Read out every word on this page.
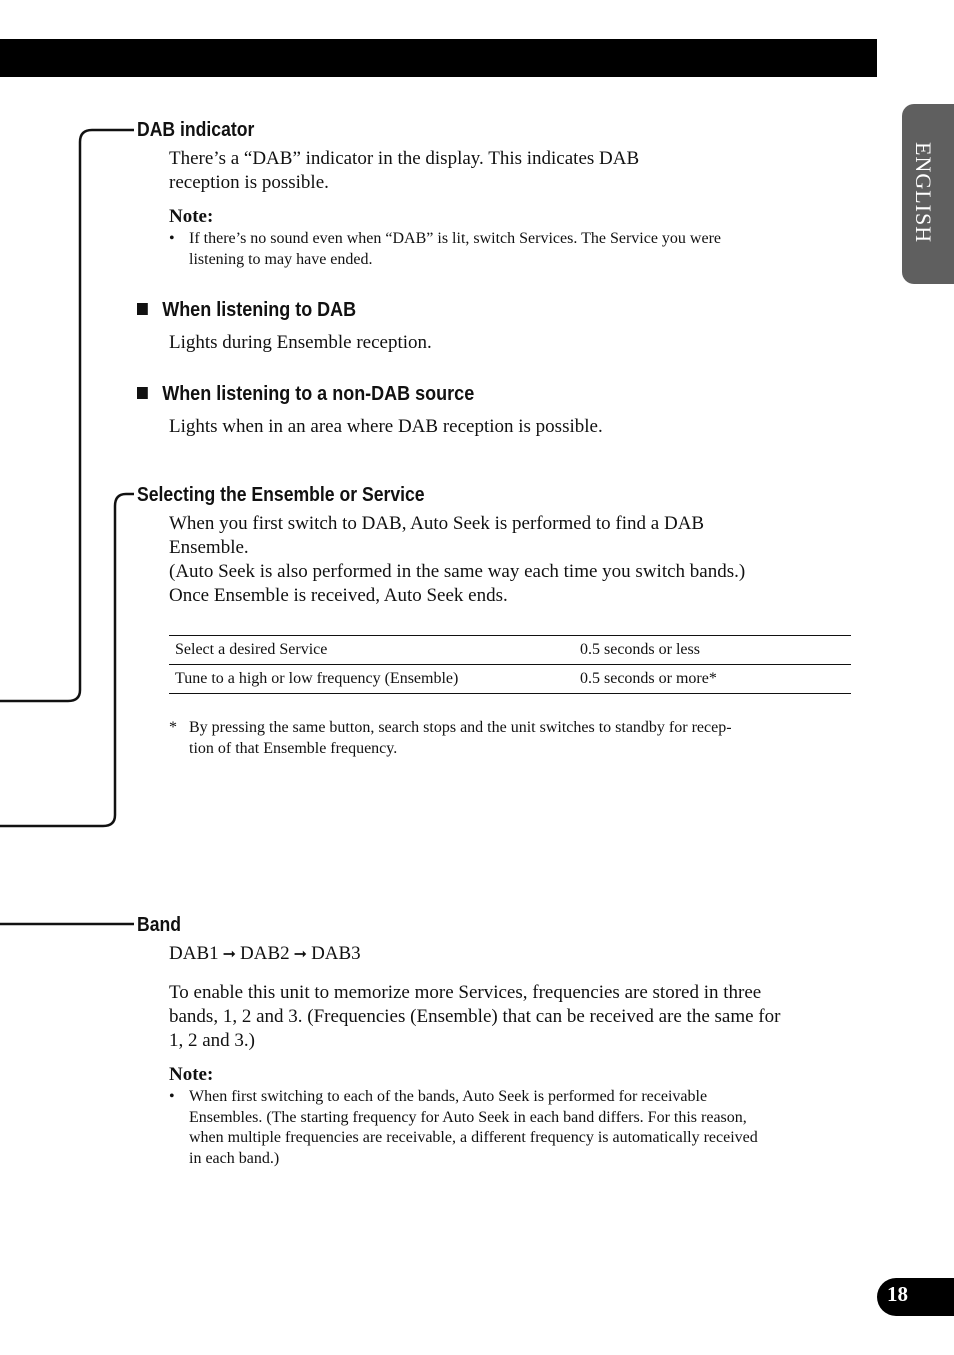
ENGLISH
DAB indicator
There’s a “DAB” indicator in the display. This indicates DAB
reception is possible.
Note:
• If there’s no sound even when “DAB” is lit, switch Services. The Service you were
listening to may have ended.
When listening to DAB
Lights during Ensemble reception.
When listening to a non-DAB source
Lights when in an area where DAB reception is possible.
Selecting the Ensemble or Service
When you first switch to DAB, Auto Seek is performed to find a DAB
Ensemble.
(Auto Seek is also performed in the same way each time you switch bands.)
Once Ensemble is received, Auto Seek ends.
Select a desired Service	0.5 seconds or less
Tune to a high or low frequency (Ensemble)	0.5 seconds or more*
* By pressing the same button, search stops and the unit switches to standby for recep-
tion of that Ensemble frequency.
Band
DAB1 ➞ DAB2 ➞ DAB3
To enable this unit to memorize more Services, frequencies are stored in three
bands, 1, 2 and 3. (Frequencies (Ensemble) that can be received are the same for
1, 2 and 3.)
Note:
• When first switching to each of the bands, Auto Seek is performed for receivable
Ensembles. (The starting frequency for Auto Seek in each band differs. For this reason,
when multiple frequencies are receivable, a different frequency is automatically received
in each band.)
18
